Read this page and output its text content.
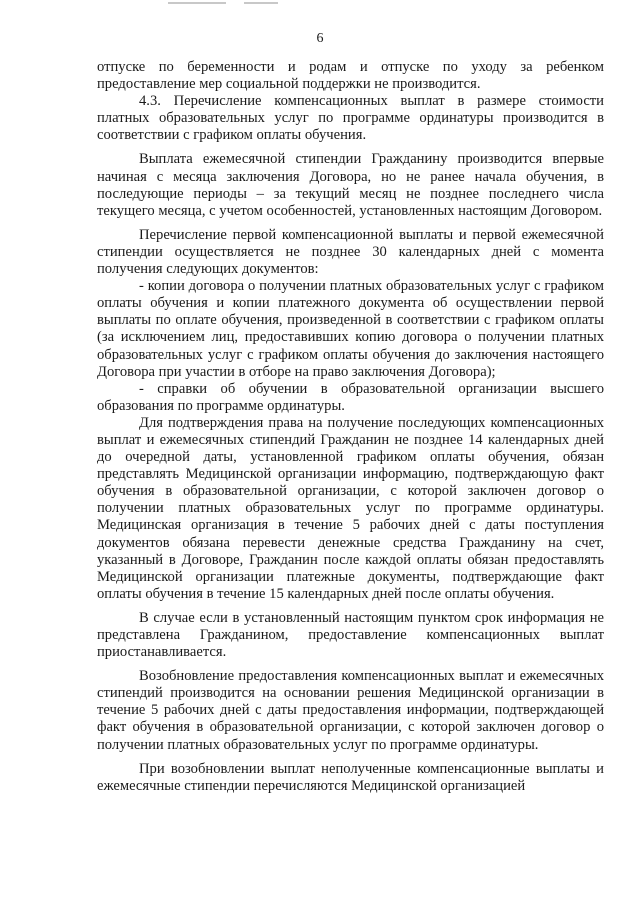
6

отпуске по беременности и родам и отпуске по уходу за ребенком предоставление мер социальной поддержки не производится.

4.3. Перечисление компенсационных выплат в размере стоимости платных образовательных услуг по программе ординатуры производится в соответствии с графиком оплаты обучения.

Выплата ежемесячной стипендии Гражданину производится впервые начиная с месяца заключения Договора, но не ранее начала обучения, в последующие периоды – за текущий месяц не позднее последнего числа текущего месяца, с учетом особенностей, установленных настоящим Договором.

Перечисление первой компенсационной выплаты и первой ежемесячной стипендии осуществляется не позднее 30 календарных дней с момента получения следующих документов:

- копии договора о получении платных образовательных услуг с графиком оплаты обучения и копии платежного документа об осуществлении первой выплаты по оплате обучения, произведенной в соответствии с графиком оплаты (за исключением лиц, предоставивших копию договора о получении платных образовательных услуг с графиком оплаты обучения до заключения настоящего Договора при участии в отборе на право заключения Договора);

- справки об обучении в образовательной организации высшего образования по программе ординатуры.

Для подтверждения права на получение последующих компенсационных выплат и ежемесячных стипендий Гражданин не позднее 14 календарных дней до очередной даты, установленной графиком оплаты обучения, обязан представлять Медицинской организации информацию, подтверждающую факт обучения в образовательной организации, с которой заключен договор о получении платных образовательных услуг по программе ординатуры. Медицинская организация в течение 5 рабочих дней с даты поступления документов обязана перевести денежные средства Гражданину на счет, указанный в Договоре, Гражданин после каждой оплаты обязан предоставлять Медицинской организации платежные документы, подтверждающие факт оплаты обучения в течение 15 календарных дней после оплаты обучения.

В случае если в установленный настоящим пунктом срок информация не представлена Гражданином, предоставление компенсационных выплат приостанавливается.

Возобновление предоставления компенсационных выплат и ежемесячных стипендий производится на основании решения Медицинской организации в течение 5 рабочих дней с даты предоставления информации, подтверждающей факт обучения в образовательной организации, с которой заключен договор о получении платных образовательных услуг по программе ординатуры.

При возобновлении выплат неполученные компенсационные выплаты и ежемесячные стипендии перечисляются Медицинской организацией
